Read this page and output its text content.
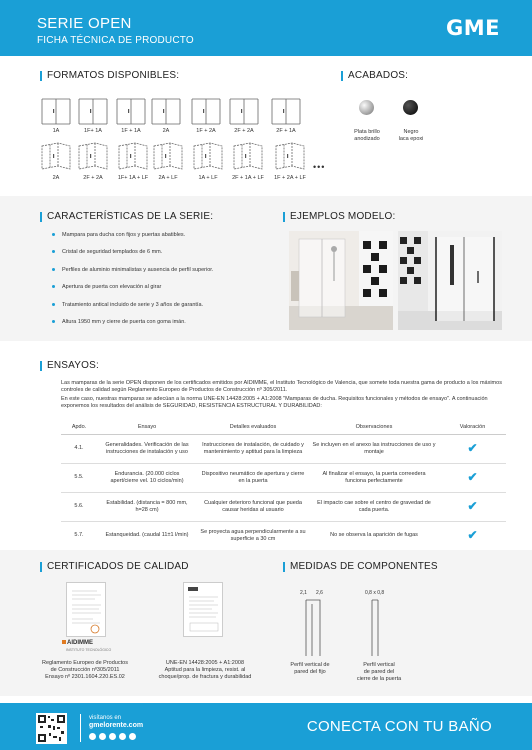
SERIE OPEN
FICHA TÉCNICA DE PRODUCTO
GME
FORMATOS DISPONIBLES:
1A	1F+ 1A	1F + 1A	2A	1F + 2A	2F + 2A	2F + 1A
2A	2F + 2A	1F+ 1A + LF	2A + LF	1A + LF	2F + 1A + LF	1F + 2A + LF
•••
ACABADOS:
Plata brillo
anodizado
Negro
laca epoxi
CARACTERÍSTICAS DE LA SERIE:
Mampara para ducha con fijos y puertas abatibles.
Cristal de seguridad templados de 6 mm.
Perfiles de aluminio minimalistas y ausencia de perfil superior.
Apertura de puerta con elevación al girar
Tratamiento antical incluido de serie y 3 años de garantía.
Altura 1950 mm y cierre de puerta con goma imán.
EJEMPLOS MODELO:
ENSAYOS:
Las mamparas de la serie OPEN disponen de los certificados emitidos por AIDIMME, el Instituto Tecnológico de Valencia, que somete toda nuestra gama de producto a los máximos controles de calidad según Reglamento Europeo de Productos de Construcción nº 305/2011.
En este caso, nuestras mamparas se adecúan a la norma UNE-EN 14428:2005 + A1:2008 "Mamparas de ducha. Requisitos funcionales y métodos de ensayo". A continuación exponemos los resultados del análisis de SEGURIDAD, RESISTENCIA ESTRUCTURAL Y DURABILIDAD:
Apdo.	Ensayo	Detalles evaluados	Observaciones	Valoración
4.1.	Generalidades. Verificación de las instrucciones de instalación y uso	Instrucciones de instalación, de cuidado y mantenimiento y aptitud para la limpieza	Se incluyen en el anexo las instrucciones de uso y montaje	✔
5.5.	Endurancia. (20.000 ciclos apert/cierre vel. 10 ciclos/min)	Dispositivo neumático de apertura y cierre en la puerta	Al finalizar el ensayo, la puerta correedera funciona perfectamente	✔
5.6.	Estabilidad. (distancia = 800 mm, h=28 cm)	Cualquier deterioro funcional que pueda causar heridas al usuario	El impacto cae sobre el centro de gravedad de cada puerta.	✔
5.7.	Estanqueidad. (caudal 11±1 l/min)	Se proyecta agua perpendicularmente a su superficie a 30 cm	No se observa la aparición de fugas	✔
CERTIFICADOS DE CALIDAD	MEDIDAS DE COMPONENTES
AIDIMME
INSTITUTO TECNOLÓGICO
Reglamento Europeo de Productos
de Construcción nº305/2011
Ensayo nº 2301.1604.220.ES.02
UNE-EN 14428:2005 + A1:2008
Aptitud para la limpieza, resist. al
choque/prop. de fractura y durabilidad
2,1 2,6	0,8 x 0,8
Perfil vertical de
pared del fijo
Perfil vertical
de pared del
cierre de la puerta
visítanos en
gmelorente.com	CONECTA CON TU BAÑO
